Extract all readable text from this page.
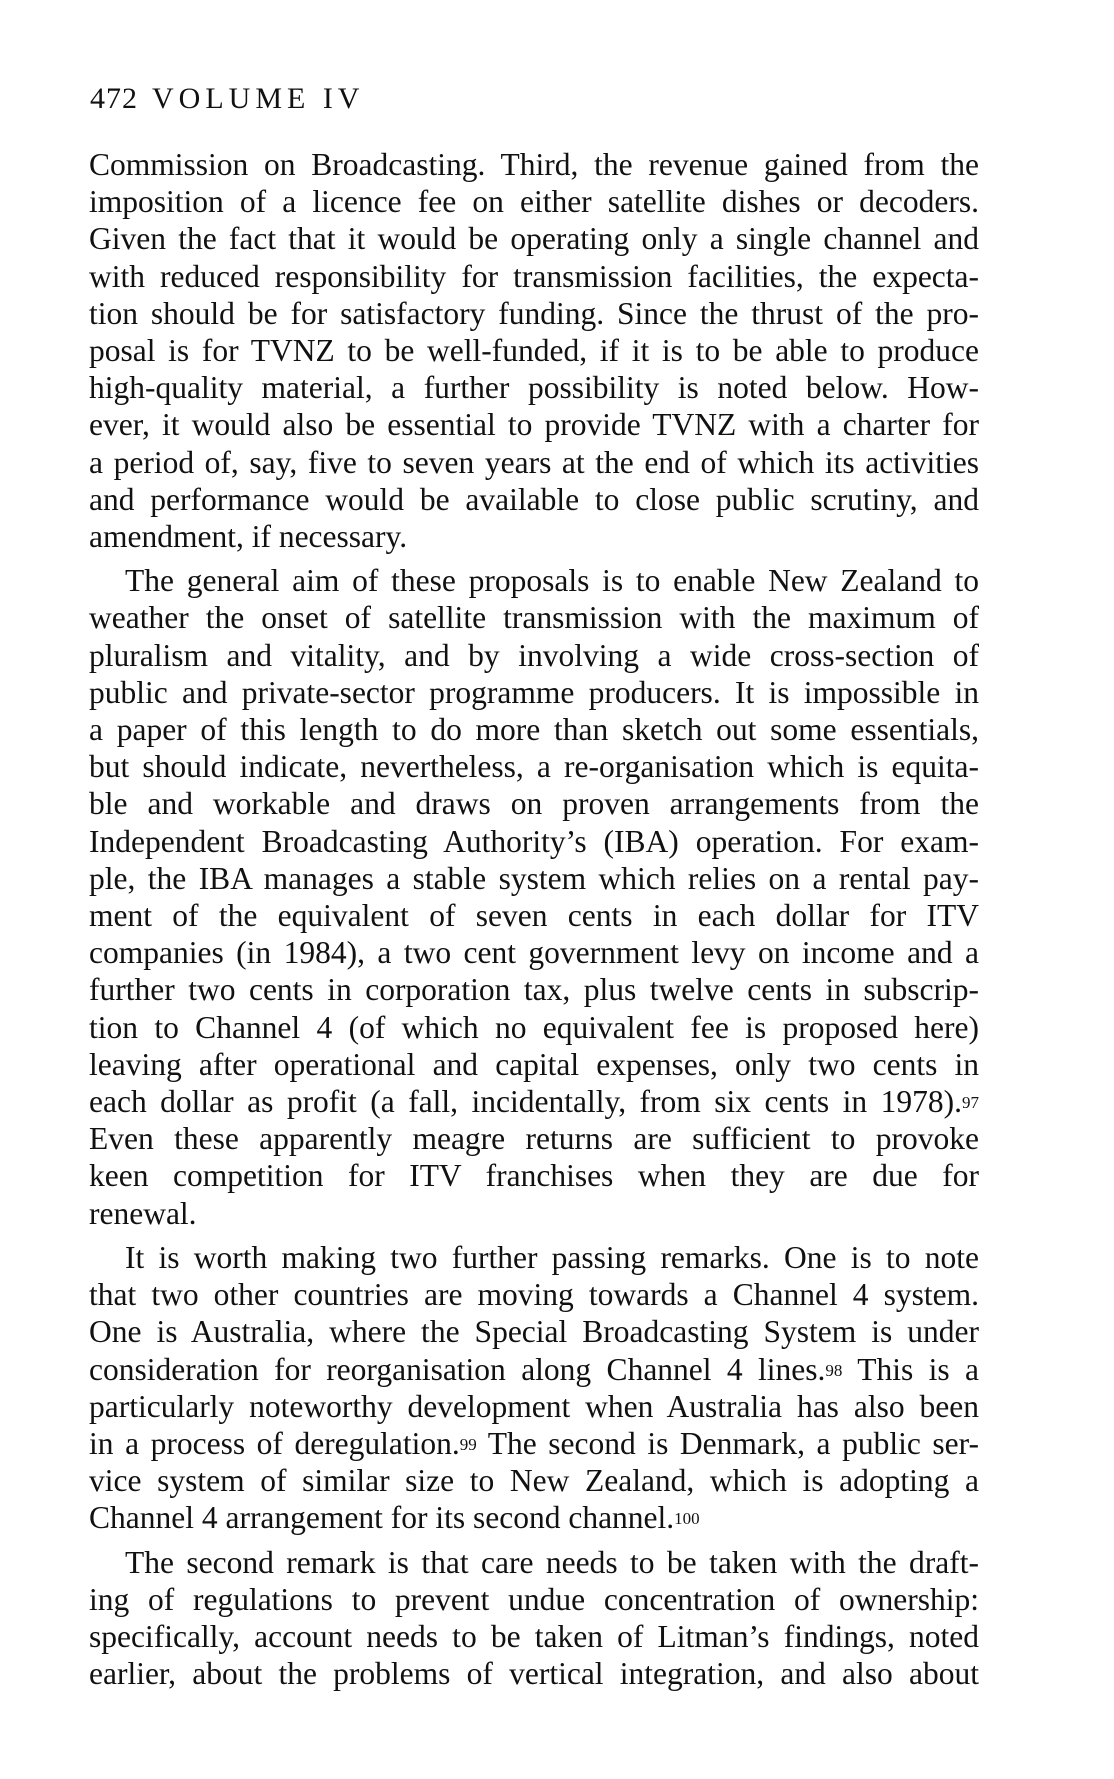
472 VOLUME IV

Commission on Broadcasting. Third, the revenue gained from the
imposition of a licence fee on either satellite dishes or decoders.
Given the fact that it would be operating only a single channel and
with reduced responsibility for transmission facilities, the expecta-
tion should be for satisfactory funding. Since the thrust of the pro-
posal is for TVNZ to be well-funded, if it is to be able to produce
high-quality material, a further possibility is noted below. How-
ever, it would also be essential to provide TVNZ with a charter for
a period of, say, five to seven years at the end of which its activities
and performance would be available to close public scrutiny, and
amendment, if necessary.

The general aim of these proposals is to enable New Zealand to
weather the onset of satellite transmission with the maximum of
pluralism and vitality, and by involving a wide cross-section of
public and private-sector programme producers. It is impossible in
a paper of this length to do more than sketch out some essentials,
but should indicate, nevertheless, a re-organisation which is equita-
ble and workable and draws on proven arrangements from the
Independent Broadcasting Authority’s (IBA) operation. For exam-
ple, the IBA manages a stable system which relies on a rental pay-
ment of the equivalent of seven cents in each dollar for ITV
companies (in 1984), a two cent government levy on income and a
further two cents in corporation tax, plus twelve cents in subscrip-
tion to Channel 4 (of which no equivalent fee is proposed here)
leaving after operational and capital expenses, only two cents in
each dollar as profit (a fall, incidentally, from six cents in 1978).$^{97}$
Even these apparently meagre returns are sufficient to provoke
keen competition for ITV franchises when they are due for
renewal.

It is worth making two further passing remarks. One is to note
that two other countries are moving towards a Channel 4 system.
One is Australia, where the Special Broadcasting System is under
consideration for reorganisation along Channel 4 lines.$^{98}$ This is a
particularly noteworthy development when Australia has also been
in a process of deregulation.$^{99}$ The second is Denmark, a public ser-
vice system of similar size to New Zealand, which is adopting a
Channel 4 arrangement for its second channel.$^{100}$

The second remark is that care needs to be taken with the draft-
ing of regulations to prevent undue concentration of ownership:
specifically, account needs to be taken of Litman’s findings, noted
earlier, about the problems of vertical integration, and also about
